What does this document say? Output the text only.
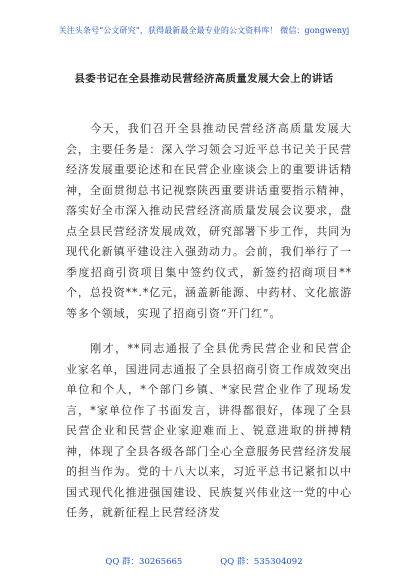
关注头条号“公文研究”，获得最新最全最专业的公文资料库！ 微信：gongwenyj
县委书记在全县推动民营经济高质量发展大会上的讲话

今天，我们召开全县推动民营经济高质量发展大会，主要任务是：深入学习领会习近平总书记关于民营经济发展重要论述和在民营企业座谈会上的重要讲话精神，全面贯彻总书记视察陕西重要讲话重要指示精神，落实好全市深入推动民营经济高质量发展会议要求，盘点全县民营经济发展成效，研究部署下步工作，共同为现代化新镇平建设注入强劲动力。会前，我们举行了一季度招商引资项目集中签约仪式，新签约招商项目**个，总投资**.*亿元，涵盖新能源、中药材、文化旅游等多个领域，实现了招商引资“开门红”。

刚才，**同志通报了全县优秀民营企业和民营企业家名单，国进同志通报了全县招商引资工作成效突出单位和个人，*个部门乡镇、*家民营企业作了现场发言，*家单位作了书面发言，讲得都很好，体现了全县民营企业和民营企业家迎难而上、锐意进取的拼搏精神，体现了全县各级各部门全心全意服务民营经济发展的担当作为。党的十八大以来，习近平总书记紧扣以中国式现代化推进强国建设、民族复兴伟业这一党的中心任务，就新征程上民营经济发

QQ 群：30265665	QQ 群：535304092
